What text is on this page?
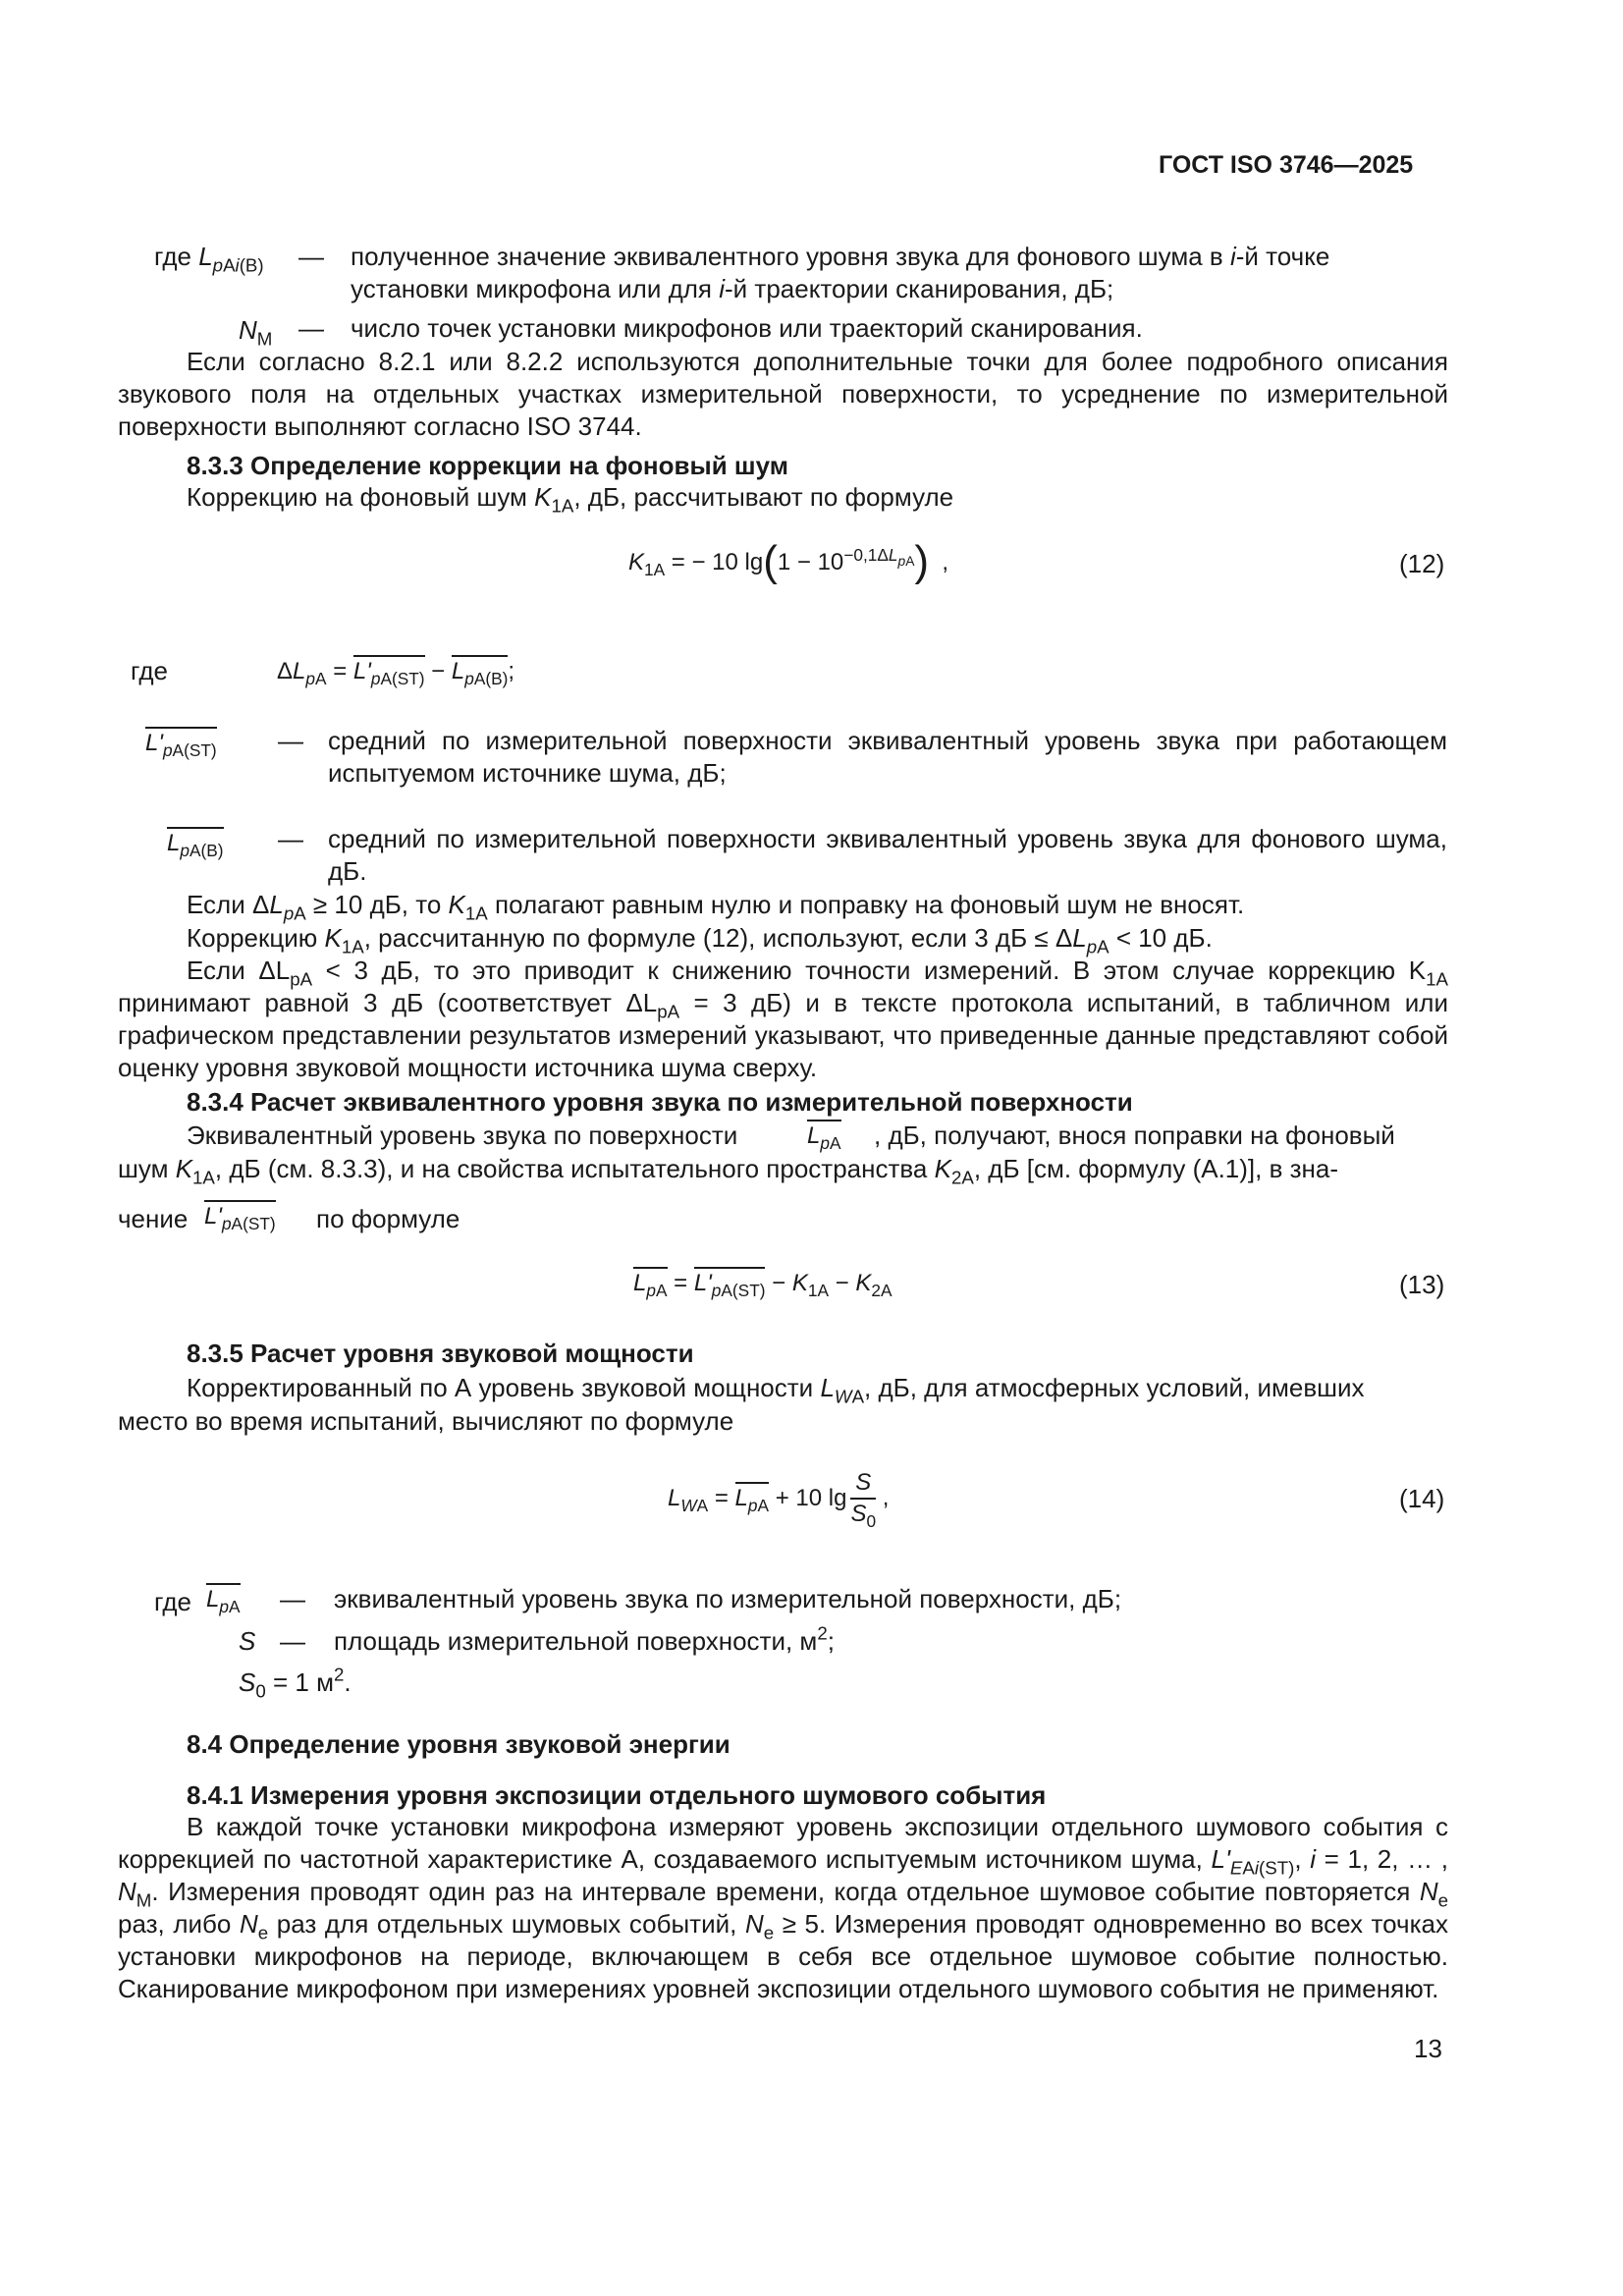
ГОСТ ISO 3746—2025
где $L_{pAi(B)}$ — полученное значение эквивалентного уровня звука для фонового шума в i-й точке
установки микрофона или для i-й траектории сканирования, дБ;
$N_M$ — число точек установки микрофонов или траекторий сканирования.
Если согласно 8.2.1 или 8.2.2 используются дополнительные точки для более подробного описания звукового поля на отдельных участках измерительной поверхности, то усреднение по измерительной поверхности выполняют согласно ISO 3744.
8.3.3 Определение коррекции на фоновый шум
Коррекцию на фоновый шум $K_{1A}$, дБ, рассчитывают по формуле
$K_{1A}$ = − 10 $\lg(1 - 10^{-0,1\Delta L_{pA}})$  ,	(12)
где	$\Delta L_{pA} = L'_{pA(ST)} - L_{pA(B)}$;
$L'_{pA(ST)}$ — средний по измерительной поверхности эквивалентный уровень звука при работающем испытуемом источнике шума, дБ;
$L_{pA(B)}$ — средний по измерительной поверхности эквивалентный уровень звука для фонового шума, дБ.
Если $\Delta L_{pA} \ge 10$ дБ, то $K_{1A}$ полагают равным нулю и поправку на фоновый шум не вносят.
Коррекцию $K_{1A}$, рассчитанную по формуле (12), используют, если 3 дБ ≤ $\Delta L_{pA} < 10$ дБ.
Если $\Delta L_{pA} < 3$ дБ, то это приводит к снижению точности измерений. В этом случае коррекцию $K_{1A}$ принимают равной 3 дБ (соответствует $\Delta L_{pA} = 3$ дБ) и в тексте протокола испытаний, в табличном или графическом представлении результатов измерений указывают, что приведенные данные представляют собой оценку уровня звуковой мощности источника шума сверху.
8.3.4 Расчет эквивалентного уровня звука по измерительной поверхности
Эквивалентный уровень звука по поверхности	$L_{pA}$ , дБ, получают, внося поправки на фоновый
шум $K_{1A}$, дБ (см. 8.3.3), и на свойства испытательного пространства $K_{2A}$, дБ [см. формулу (А.1)], в зна-
чение $L'_{pA(ST)}$ по формуле
$L_{pA} = L'_{pA(ST)} - K_{1A} - K_{2A}$	(13)
8.3.5 Расчет уровня звуковой мощности
Корректированный по А уровень звуковой мощности $L_{WA}$, дБ, для атмосферных условий, имевших
место во время испытаний, вычисляют по формуле
$L_{WA} = L_{pA} + 10$ $\lg \frac{S}{S_0}$ ,	(14)
где $L_{pA}$ — эквивалентный уровень звука по измерительной поверхности, дБ;
S — площадь измерительной поверхности, $м^2$;
$S_0 = 1$ $м^2$.
8.4 Определение уровня звуковой энергии
8.4.1 Измерения уровня экспозиции отдельного шумового события
В каждой точке установки микрофона измеряют уровень экспозиции отдельного шумового события с коррекцией по частотной характеристике А, создаваемого испытуемым источником шума, $L'_{EAi(ST)}$, i = 1, 2, … , $N_M$. Измерения проводят один раз на интервале времени, когда отдельное шумовое событие повторяется $N_e$ раз, либо $N_e$ раз для отдельных шумовых событий, $N_e \ge 5$. Измерения проводят одновременно во всех точках установки микрофонов на периоде, включающем в себя все отдельное шумовое событие полностью. Сканирование микрофоном при измерениях уровней экспозиции отдельного шумового события не применяют.
13
